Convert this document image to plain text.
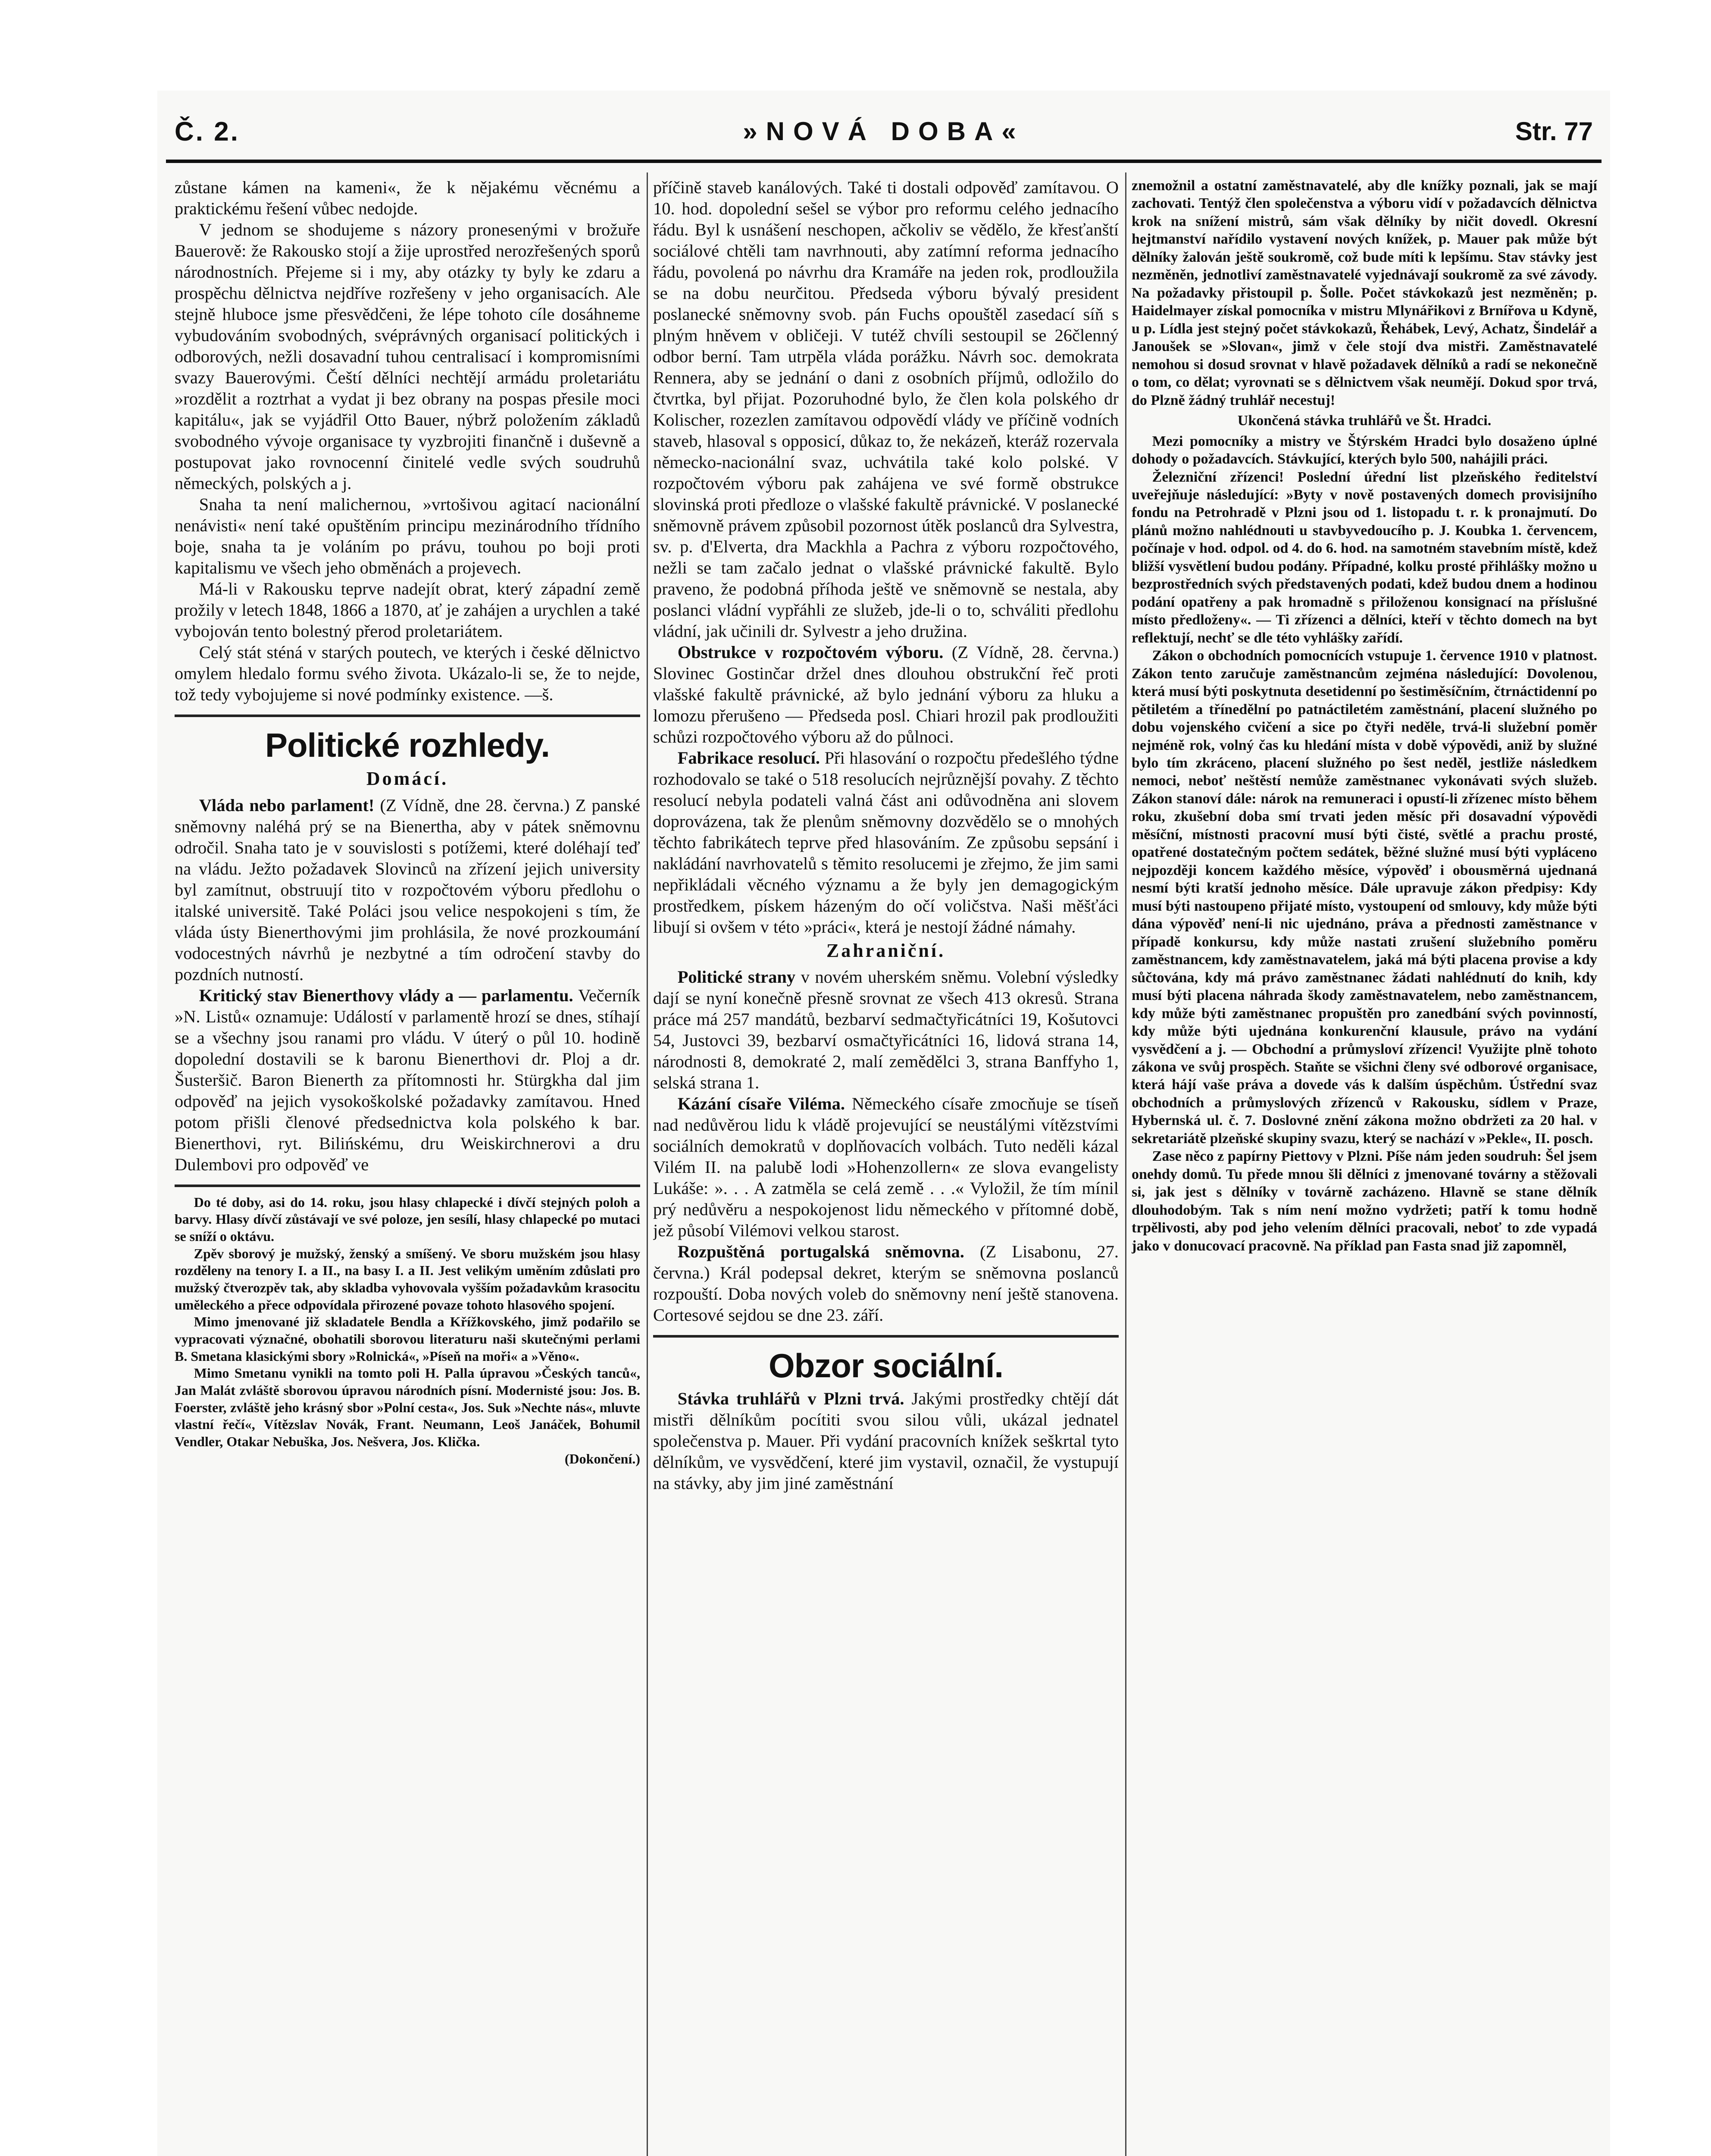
Č. 2.	»NOVÁ DOBA«	Str. 77

zůstane kámen na kameni«, že k nějakému věcnému a praktickému řešení vůbec nedojde.

V jednom se shodujeme s názory pronesenými v brožuře Bauerově: že Rakousko stojí a žije uprostřed nerozřešených sporů národnostních. Přejeme si i my, aby otázky ty byly ke zdaru a prospěchu dělnictva nejdříve rozřešeny v jeho organisacích. Ale stejně hluboce jsme přesvědčeni, že lépe tohoto cíle dosáhneme vybudováním svobodných, svéprávných organisací politických i odborových, nežli dosavadní tuhou centralisací i kompromisními svazy Bauerovými. Čeští dělníci nechtějí armádu proletariátu »rozdělit a roztrhat a vydat ji bez obrany na pospas přesile moci kapitálu«, jak se vyjádřil Otto Bauer, nýbrž položením základů svobodného vývoje organisace ty vyzbrojiti finančně i duševně a postupovat jako rovnocenní činitelé vedle svých soudruhů německých, polských a j.

Snaha ta není malichernou, »vrtošivou agitací nacionální nenávisti« není také opuštěním principu mezinárodního třídního boje, snaha ta je voláním po právu, touhou po boji proti kapitalismu ve všech jeho obměnách a projevech.

Má-li v Rakousku teprve nadejít obrat, který západní země prožily v letech 1848, 1866 a 1870, ať je zahájen a urychlen a také vybojován tento bolestný přerod proletariátem.

Celý stát sténá v starých poutech, ve kterých i české dělnictvo omylem hledalo formu svého života. Ukázalo-li se, že to nejde, tož tedy vybojujeme si nové podmínky existence. —š.

Politické rozhledy.
Domácí.

Vláda nebo parlament! (Z Vídně, dne 28. června.) Z panské sněmovny naléhá prý se na Bienertha, aby v pátek sněmovnu odročil. Snaha tato je v souvislosti s potížemi, které doléhají teď na vládu. Ježto požadavek Slovinců na zřízení jejich university byl zamítnut, obstruují tito v rozpočtovém výboru předlohu o italské universitě. Také Poláci jsou velice nespokojeni s tím, že vláda ústy Bienerthovými jim prohlásila, že nové prozkoumání vodocestných návrhů je nezbytné a tím odročení stavby do pozdních nutností.

Kritický stav Bienerthovy vlády a — parlamentu. Večerník »N. Listů« oznamuje: Událostí v parlamentě hrozí se dnes, stíhají se a všechny jsou ranami pro vládu. V úterý o půl 10. hodině dopolední dostavili se k baronu Bienerthovi dr. Ploj a dr. Šusteršič. Baron Bienerth za přítomnosti hr. Stürgkha dal jim odpověď na jejich vysokoškolské požadavky zamítavou. Hned potom přišli členové předsednictva kola polského k bar. Bienerthovi, ryt. Bilińskému, dru Weiskirchnerovi a dru Dulembovi pro odpověď ve

Do té doby, asi do 14. roku, jsou hlasy chlapecké i dívčí stejných poloh a barvy. Hlasy dívčí zůstávají ve své poloze, jen sesílí, hlasy chlapecké po mutaci se sníží o oktávu.

Zpěv sborový je mužský, ženský a smíšený. Ve sboru mužském jsou hlasy rozděleny na tenory I. a II., na basy I. a II. Jest velikým uměním zdůslati pro mužský čtverozpěv tak, aby skladba vyhovovala vyšším požadavkům krasocitu uměleckého a přece odpovídala přirozené povaze tohoto hlasového spojení.

Mimo jmenované již skladatele Bendla a Křížkovského, jimž podařilo se vypracovati význačné, obohatili sborovou literaturu naši skutečnými perlami B. Smetana klasickými sbory »Rolnická«, »Píseň na moři« a »Věno«.

Mimo Smetanu vynikli na tomto poli H. Palla úpravou »Českých tanců«, Jan Malát zvláště sborovou úpravou národních písní. Modernisté jsou: Jos. B. Foerster, zvláště jeho krásný sbor »Polní cesta«, Jos. Suk »Nechte nás«, mluvte vlastní řečí«, Vítězslav Novák, Frant. Neumann, Leoš Janáček, Bohumil Vendler, Otakar Nebuška, Jos. Nešvera, Jos. Klička.

(Dokončení.)

příčině staveb kanálových. Také ti dostali odpověď zamítavou. O 10. hod. dopolední sešel se výbor pro reformu celého jednacího řádu. Byl k usnášení neschopen, ačkoliv se vědělo, že křesťanští sociálové chtěli tam navrhnouti, aby zatímní reforma jednacího řádu, povolená po návrhu dra Kramáře na jeden rok, prodloužila se na dobu neurčitou. Předseda výboru bývalý president poslanecké sněmovny svob. pán Fuchs opouštěl zasedací síň s plným hněvem v obličeji. V tutéž chvíli sestoupil se 26členný odbor berní. Tam utrpěla vláda porážku. Návrh soc. demokrata Rennera, aby se jednání o dani z osobních příjmů, odložilo do čtvrtka, byl přijat. Pozoruhodné bylo, že člen kola polského dr Kolischer, rozezlen zamítavou odpovědí vlády ve příčině vodních staveb, hlasoval s opposicí, důkaz to, že nekázeň, kteráž rozervala německo-nacionální svaz, uchvátila také kolo polské. V rozpočtovém výboru pak zahájena ve své formě obstrukce slovinská proti předloze o vlašské fakultě právnické. V poslanecké sněmovně právem způsobil pozornost útěk poslanců dra Sylvestra, sv. p. d'Elverta, dra Mackhla a Pachra z výboru rozpočtového, nežli se tam začalo jednat o vlašské právnické fakultě. Bylo praveno, že podobná příhoda ještě ve sněmovně se nestala, aby poslanci vládní vypřáhli ze služeb, jde-li o to, schváliti předlohu vládní, jak učinili dr. Sylvestr a jeho družina.

Obstrukce v rozpočtovém výboru. (Z Vídně, 28. června.) Slovinec Gostinčar držel dnes dlouhou obstrukční řeč proti vlašské fakultě právnické, až bylo jednání výboru za hluku a lomozu přerušeno — Předseda posl. Chiari hrozil pak prodloužiti schůzi rozpočtového výboru až do půlnoci.

Fabrikace resolucí. Při hlasování o rozpočtu předešlého týdne rozhodovalo se také o 518 resolucích nejrůznější povahy. Z těchto resolucí nebyla podateli valná část ani odůvodněna ani slovem doprovázena, tak že plenům sněmovny dozvědělo se o mnohých těchto fabrikátech teprve před hlasováním. Ze způsobu sepsání i nakládání navrhovatelů s těmito resolucemi je zřejmo, že jim sami nepřikládali věcného významu a že byly jen demagogickým prostředkem, pískem házeným do očí voličstva. Naši měšťáci libují si ovšem v této »práci«, která je nestojí žádné námahy.

Zahraniční.

Politické strany v novém uherském sněmu. Volební výsledky dají se nyní konečně přesně srovnat ze všech 413 okresů. Strana práce má 257 mandátů, bezbarví sedmačtyřicátníci 19, Košutovci 54, Justovci 39, bezbarví osmačtyřicátníci 16, lidová strana 14, národnosti 8, demokraté 2, malí zemědělci 3, strana Banffyho 1, selská strana 1.

Kázání císaře Viléma. Německého císaře zmocňuje se tíseň nad nedůvěrou lidu k vládě projevující se neustálými vítězstvími sociálních demokratů v doplňovacích volbách. Tuto neděli kázal Vilém II. na palubě lodi »Hohenzollern« ze slova evangelisty Lukáše: ». . . A zatměla se celá země . . .« Vyložil, že tím mínil prý nedůvěru a nespokojenost lidu německého v přítomné době, jež působí Vilémovi velkou starost.

Rozpuštěná portugalská sněmovna. (Z Lisabonu, 27. června.) Král podepsal dekret, kterým se sněmovna poslanců rozpouští. Doba nových voleb do sněmovny není ještě stanovena. Cortesové sejdou se dne 23. září.

Obzor sociální.

Stávka truhlářů v Plzni trvá. Jakými prostředky chtějí dát mistři dělníkům pocítiti svou silou vůli, ukázal jednatel společenstva p. Mauer. Při vydání pracovních knížek seškrtal tyto dělníkům, ve vysvědčení, které jim vystavil, označil, že vystupují na stávky, aby jim jiné zaměstnání

znemožnil a ostatní zaměstnavatelé, aby dle knížky poznali, jak se mají zachovati. Tentýž člen společenstva a výboru vidí v požadavcích dělnictva krok na snížení mistrů, sám však dělníky by ničit dovedl. Okresní hejtmanství nařídilo vystavení nových knížek, p. Mauer pak může být dělníky žalován ještě soukromě, což bude míti k lepšímu. Stav stávky jest nezměněn, jednotliví zaměstnavatelé vyjednávají soukromě za své závody. Na požadavky přistoupil p. Šolle. Počet stávkokazů jest nezměněn; p. Haidelmayer získal pomocníka v mistru Mlynářikovi z Brnířova u Kdyně, u p. Lídla jest stejný počet stávkokazů, Řehábek, Levý, Achatz, Šindelář a Janoušek se »Slovan«, jimž v čele stojí dva mistři. Zaměstnavatelé nemohou si dosud srovnat v hlavě požadavek dělníků a radí se nekonečně o tom, co dělat; vyrovnati se s dělnictvem však neumějí. Dokud spor trvá, do Plzně žádný truhlář necestuj!

Ukončená stávka truhlářů ve Št. Hradci.

Mezi pomocníky a mistry ve Štýrském Hradci bylo dosaženo úplné dohody o požadavcích. Stávkující, kterých bylo 500, nahájili práci.

Železniční zřízenci! Poslední úřední list plzeňského ředitelství uveřejňuje následující: »Byty v nově postavených domech provisijního fondu na Petrohradě v Plzni jsou od 1. listopadu t. r. k pronajmutí. Do plánů možno nahlédnouti u stavbyvedoucího p. J. Koubka 1. červencem, počínaje v hod. odpol. od 4. do 6. hod. na samotném stavebním místě, kdež bližší vysvětlení budou podány. Případné, kolku prosté přihlášky možno u bezprostředních svých představených podati, kdež budou dnem a hodinou podání opatřeny a pak hromadně s přiloženou konsignací na příslušné místo předloženy«. — Ti zřízenci a dělníci, kteří v těchto domech na byt reflektují, nechť se dle této vyhlášky zařídí.

Zákon o obchodních pomocnících vstupuje 1. července 1910 v platnost. Zákon tento zaručuje zaměstnancům zejména následující: Dovolenou, která musí býti poskytnuta desetidenní po šestiměsíčním, čtrnáctidenní po pětiletém a třínedělní po patnáctiletém zaměstnání, placení služného po dobu vojenského cvičení a sice po čtyři neděle, trvá-li služební poměr nejméně rok, volný čas ku hledání místa v době výpovědi, aniž by služné bylo tím zkráceno, placení služného po šest neděl, jestliže následkem nemoci, neboť neštěstí nemůže zaměstnanec vykonávati svých služeb. Zákon stanoví dále: nárok na remuneraci i opustí-li zřízenec místo během roku, zkušební doba smí trvati jeden měsíc při dosavadní výpovědi měsíční, místnosti pracovní musí býti čisté, světlé a prachu prosté, opatřené dostatečným počtem sedátek, běžné služné musí býti vypláceno nejpozději koncem každého měsíce, výpověď i obousměrná ujednaná nesmí býti kratší jednoho měsíce. Dále upravuje zákon předpisy: Kdy musí býti nastoupeno přijaté místo, vystoupení od smlouvy, kdy může býti dána výpověď není-li nic ujednáno, práva a přednosti zaměstnance v případě konkursu, kdy může nastati zrušení služebního poměru zaměstnancem, kdy zaměstnavatelem, jaká má býti placena provise a kdy sůčtována, kdy má právo zaměstnanec žádati nahlédnutí do knih, kdy musí býti placena náhrada škody zaměstnavatelem, nebo zaměstnancem, kdy může býti zaměstnanec propuštěn pro zanedbání svých povinností, kdy může býti ujednána konkurenční klausule, právo na vydání vysvědčení a j. — Obchodní a průmysloví zřízenci! Využijte plně tohoto zákona ve svůj prospěch. Staňte se všichni členy své odborové organisace, která hájí vaše práva a dovede vás k dalším úspěchům. Ústřední svaz obchodních a průmyslových zřízenců v Rakousku, sídlem v Praze, Hybernská ul. č. 7. Doslovné znění zákona možno obdržeti za 20 hal. v sekretariátě plzeňské skupiny svazu, který se nachází v »Pekle«, II. posch.

Zase něco z papírny Piettovy v Plzni. Píše nám jeden soudruh: Šel jsem onehdy domů. Tu přede mnou šli dělníci z jmenované továrny a stěžovali si, jak jest s dělníky v továrně zacházeno. Hlavně se stane dělník dlouhodobým. Tak s ním není možno vydržeti; patří k tomu hodně trpělivosti, aby pod jeho velením dělníci pracovali, neboť to zde vypadá jako v donucovací pracovně. Na příklad pan Fasta snad již zapomněl,
